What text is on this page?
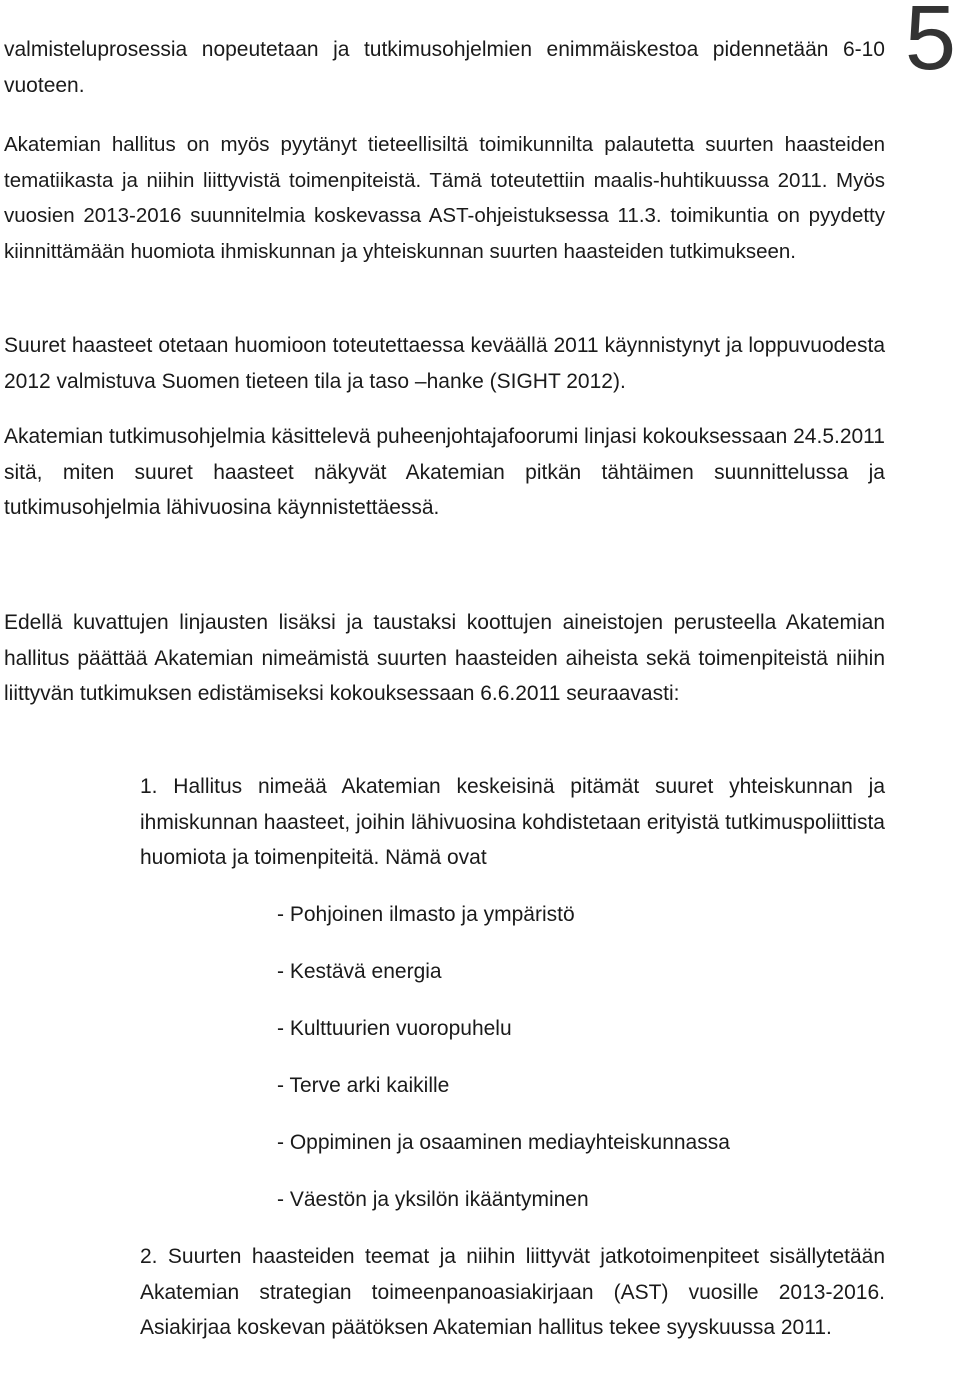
5

valmisteluprosessia nopeutetaan ja tutkimusohjelmien enimmäiskestoa pidennetään 6-10 vuoteen.

Akatemian hallitus on myös pyytänyt tieteellisiltä toimikunnilta palautetta suurten haasteiden tematiikasta ja niihin liittyvistä toimenpiteistä. Tämä toteutettiin maalis-huhtikuussa 2011. Myös vuosien 2013-2016 suunnitelmia koskevassa AST-ohjeistuksessa 11.3. toimikuntia on pyydetty kiinnittämään huomiota ihmiskunnan ja yhteiskunnan suurten haasteiden tutkimukseen.

Suuret haasteet otetaan huomioon toteutettaessa keväällä 2011 käynnistynyt ja loppuvuodesta 2012 valmistuva Suomen tieteen tila ja taso –hanke (SIGHT 2012).

Akatemian tutkimusohjelmia käsittelevä puheenjohtajafoorumi linjasi kokouksessaan 24.5.2011 sitä, miten suuret haasteet näkyvät Akatemian pitkän tähtäimen suunnittelussa ja tutkimusohjelmia lähivuosina käynnistettäessä.

Edellä kuvattujen linjausten lisäksi ja taustaksi koottujen aineistojen perusteella Akatemian hallitus päättää Akatemian nimeämistä suurten haasteiden aiheista sekä toimenpiteistä niihin liittyvän tutkimuksen edistämiseksi kokouksessaan 6.6.2011 seuraavasti:

1. Hallitus nimeää Akatemian keskeisinä pitämät suuret yhteiskunnan ja ihmiskunnan haasteet, joihin lähivuosina kohdistetaan erityistä tutkimuspoliittista huomiota ja toimenpiteitä. Nämä ovat

- Pohjoinen ilmasto ja ympäristö

- Kestävä energia

- Kulttuurien vuoropuhelu

- Terve arki kaikille

- Oppiminen ja osaaminen mediayhteiskunnassa

- Väestön ja yksilön ikääntyminen

2. Suurten haasteiden teemat ja niihin liittyvät jatkotoimenpiteet sisällytetään Akatemian strategian toimeenpanoasiakirjaan (AST) vuosille 2013-2016. Asiakirjaa koskevan päätöksen Akatemian hallitus tekee syyskuussa 2011.
